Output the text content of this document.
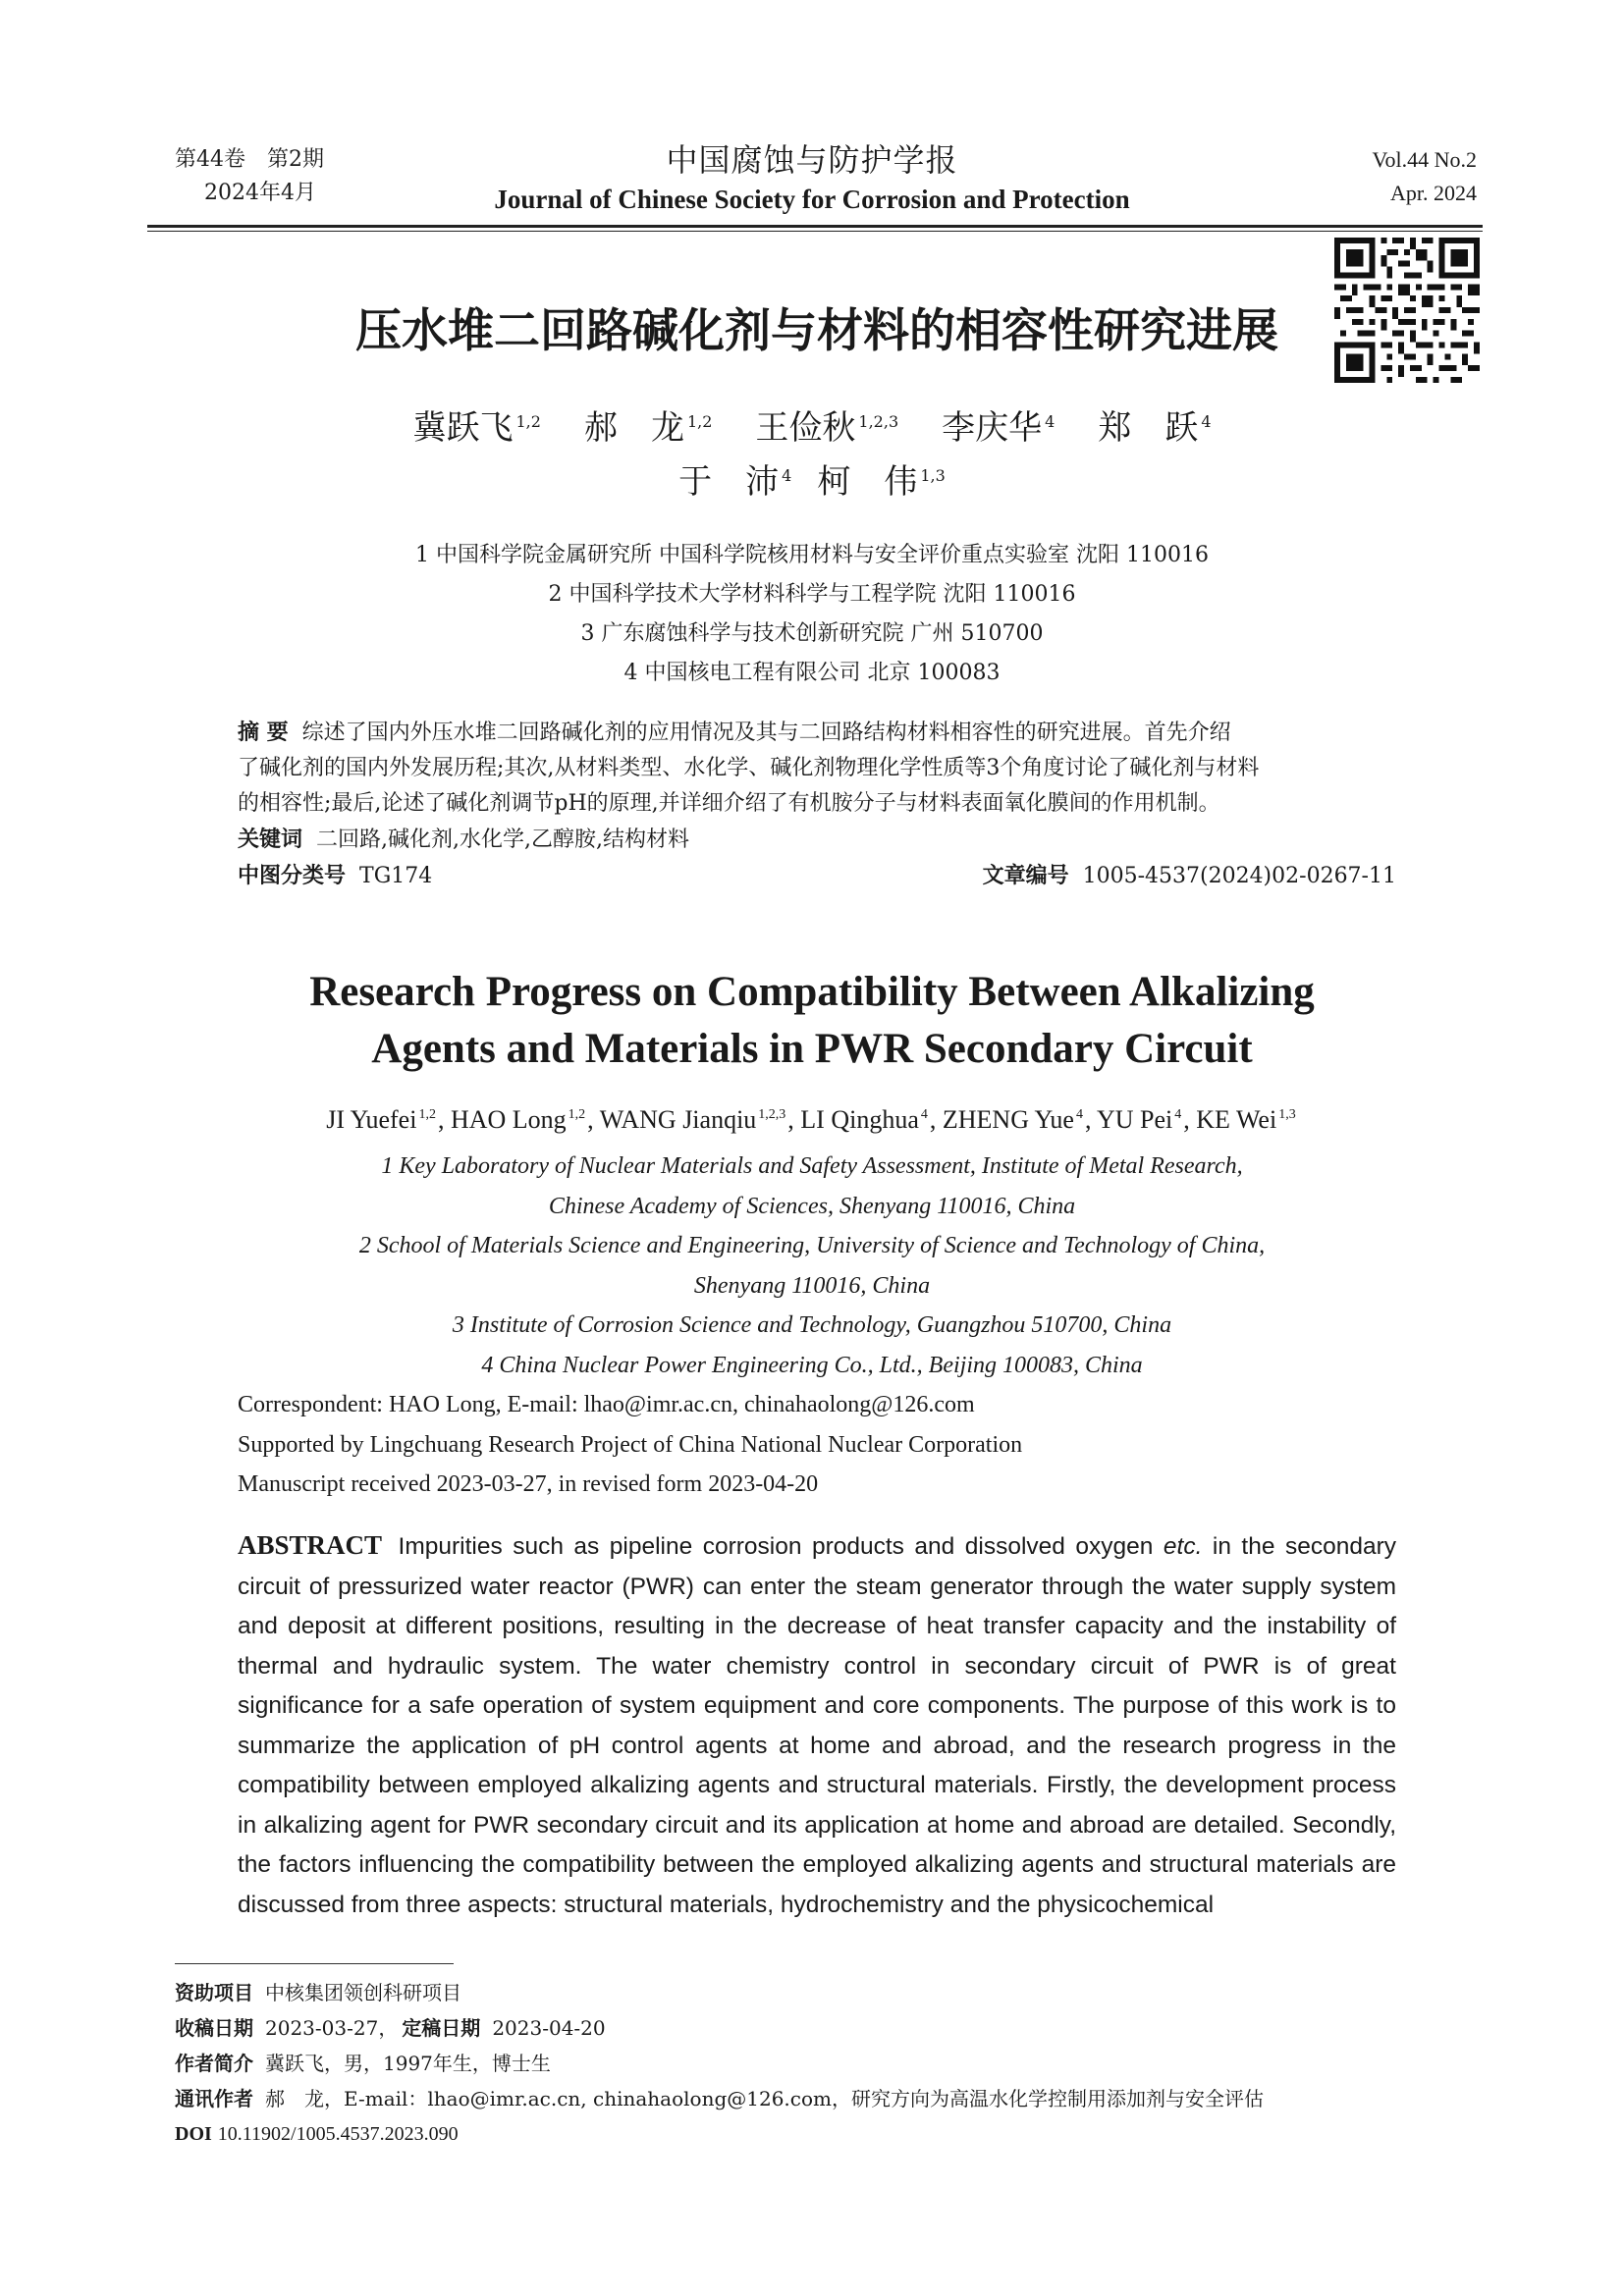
第44卷　第2期
2024年4月
中国腐蚀与防护学报
Journal of Chinese Society for Corrosion and Protection
Vol.44 No.2
Apr. 2024
压水堆二回路碱化剂与材料的相容性研究进展
冀跃飞 $^{1,2}$ 郝　龙 $^{1,2}$ 王俭秋 $^{1,2,3}$ 李庆华 $^4$ 郑　跃 $^4$
于　沛 $^4$ 柯　伟 $^{1,3}$
1 中国科学院金属研究所 中国科学院核用材料与安全评价重点实验室 沈阳 110016
2 中国科学技术大学材料科学与工程学院 沈阳 110016
3 广东腐蚀科学与技术创新研究院 广州 510700
4 中国核电工程有限公司 北京 100083
摘 要 综述了国内外压水堆二回路碱化剂的应用情况及其与二回路结构材料相容性的研究进展。首先介绍
了碱化剂的国内外发展历程;其次,从材料类型、水化学、碱化剂物理化学性质等3个角度讨论了碱化剂与材料
的相容性;最后,论述了碱化剂调节pH的原理,并详细介绍了有机胺分子与材料表面氧化膜间的作用机制。
关键词 二回路,碱化剂,水化学,乙醇胺,结构材料
中图分类号 TG174	文章编号 1005-4537(2024)02-0267-11
Research Progress on Compatibility Between Alkalizing
Agents and Materials in PWR Secondary Circuit
JI Yuefei $^{1,2}$, HAO Long $^{1,2}$, WANG Jianqiu $^{1,2,3}$, LI Qinghua $^4$, ZHENG Yue $^4$, YU Pei $^4$, KE Wei $^{1,3}$
1 Key Laboratory of Nuclear Materials and Safety Assessment, Institute of Metal Research,
Chinese Academy of Sciences, Shenyang 110016, China
2 School of Materials Science and Engineering, University of Science and Technology of China,
Shenyang 110016, China
3 Institute of Corrosion Science and Technology, Guangzhou 510700, China
4 China Nuclear Power Engineering Co., Ltd., Beijing 100083, China
Correspondent: HAO Long, E-mail: lhao@imr.ac.cn, chinahaolong@126.com
Supported by Lingchuang Research Project of China National Nuclear Corporation
Manuscript received 2023-03-27, in revised form 2023-04-20
ABSTRACT Impurities such as pipeline corrosion products and dissolved oxygen etc. in the secondary circuit of pressurized water reactor (PWR) can enter the steam generator through the water supply system and deposit at different positions, resulting in the decrease of heat transfer capacity and the instability of thermal and hydraulic system. The water chemistry control in secondary circuit of PWR is of great significance for a safe operation of system equipment and core components. The purpose of this work is to summarize the application of pH control agents at home and abroad, and the research progress in the compatibility between employed alkalizing agents and structural materials. Firstly, the development process in alkalizing agent for PWR secondary circuit and its application at home and abroad are detailed. Secondly, the factors influencing the compatibility between the employed alkalizing agents and structural materials are discussed from three aspects: structural materials, hydrochemistry and the physicochemical
资助项目 中核集团领创科研项目
收稿日期 2023-03-27， 定稿日期 2023-04-20
作者简介 冀跃飞，男，1997年生，博士生
通讯作者 郝　龙，E-mail：lhao@imr.ac.cn, chinahaolong@126.com，研究方向为高温水化学控制用添加剂与安全评估
DOI 10.11902/1005.4537.2023.090
